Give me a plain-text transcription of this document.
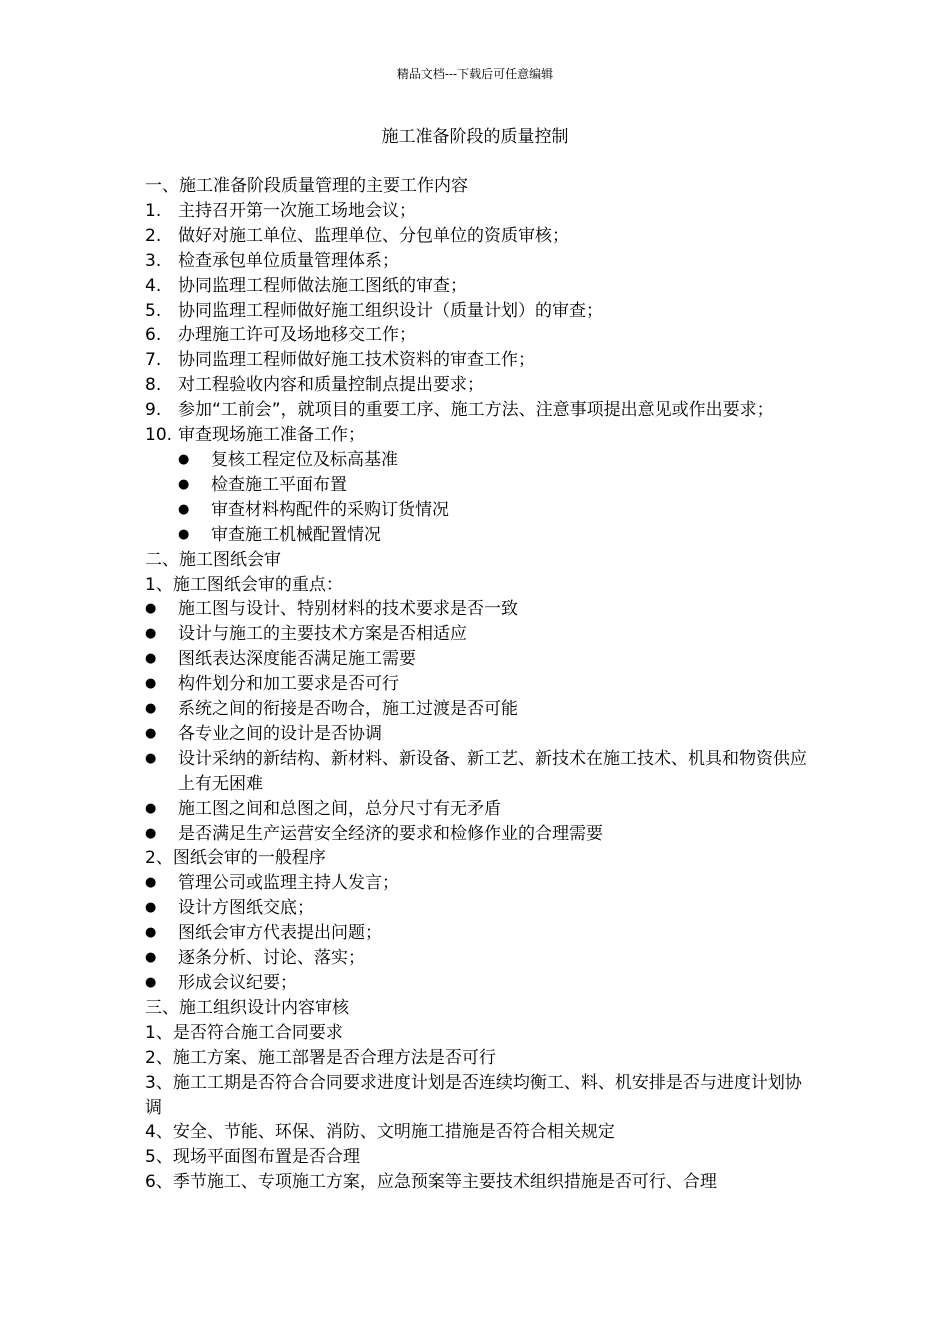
精品文档---下载后可任意编辑
施工准备阶段的质量控制
一、施工准备阶段质量管理的主要工作内容
1. 主持召开第一次施工场地会议；
2. 做好对施工单位、监理单位、分包单位的资质审核；
3. 检查承包单位质量管理体系；
4. 协同监理工程师做法施工图纸的审查；
5. 协同监理工程师做好施工组织设计（质量计划）的审查；
6. 办理施工许可及场地移交工作；
7. 协同监理工程师做好施工技术资料的审查工作；
8. 对工程验收内容和质量控制点提出要求；
9. 参加“工前会”，就项目的重要工序、施工方法、注意事项提出意见或作出要求；
10. 审查现场施工准备工作；
●	复核工程定位及标高基准
●	检查施工平面布置
●	审查材料构配件的采购订货情况
●	审查施工机械配置情况
二、施工图纸会审
1、施工图纸会审的重点：
●	施工图与设计、特别材料的技术要求是否一致
●	设计与施工的主要技术方案是否相适应
●	图纸表达深度能否满足施工需要
●	构件划分和加工要求是否可行
●	系统之间的衔接是否吻合，施工过渡是否可能
●	各专业之间的设计是否协调
●	设计采纳的新结构、新材料、新设备、新工艺、新技术在施工技术、机具和物资供应上有无困难
●	施工图之间和总图之间，总分尺寸有无矛盾
●	是否满足生产运营安全经济的要求和检修作业的合理需要
2、图纸会审的一般程序
●	管理公司或监理主持人发言；
●	设计方图纸交底；
●	图纸会审方代表提出问题；
●	逐条分析、讨论、落实；
●	形成会议纪要；
三、施工组织设计内容审核
1、是否符合施工合同要求
2、施工方案、施工部署是否合理方法是否可行
3、施工工期是否符合合同要求进度计划是否连续均衡工、料、机安排是否与进度计划协调
4、安全、节能、环保、消防、文明施工措施是否符合相关规定
5、现场平面图布置是否合理
6、季节施工、专项施工方案，应急预案等主要技术组织措施是否可行、合理
